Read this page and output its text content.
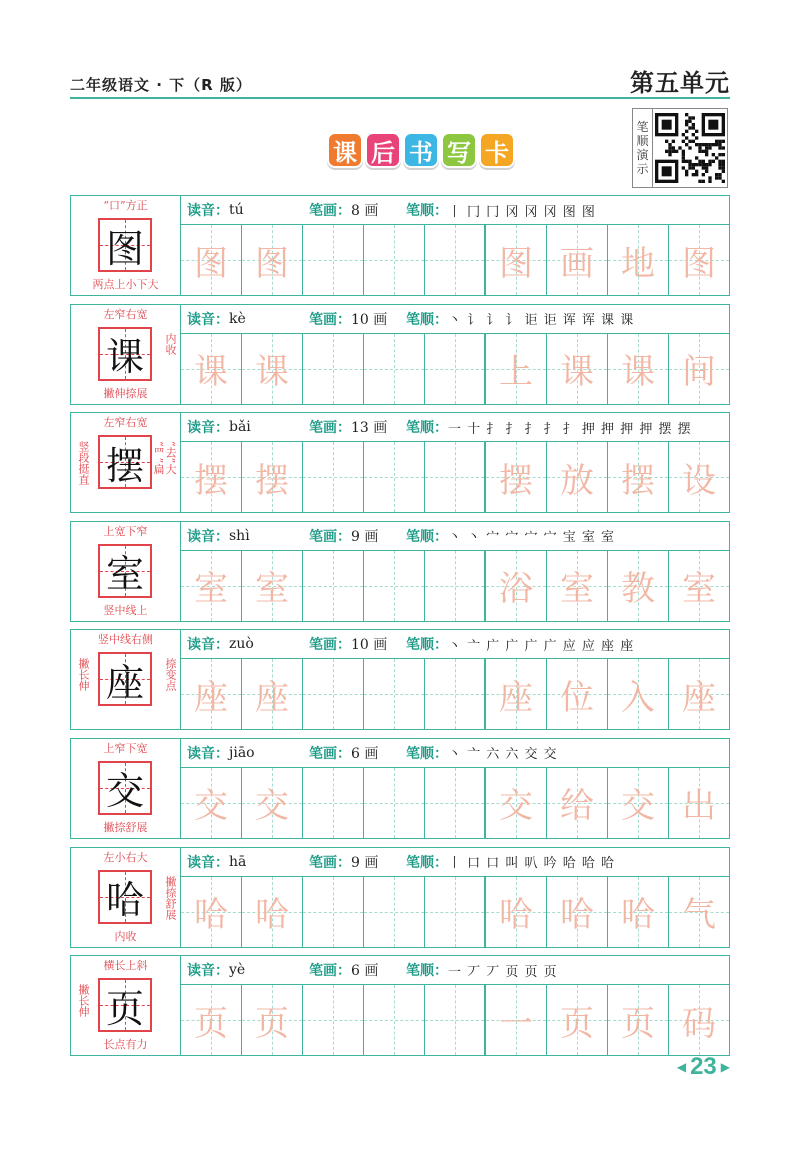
二年级语文 · 下（R 版）	第五单元
课 后 书 写 卡
笔
顺
演
示
“口”方正
两点上小下大
图
读音： tú	笔画： 8 画	笔顺： 丨 冂 冂 冈 冈 冈 图 图
图 图	图 画 地 图
左窄右宽
撇伸捺展
内收
课
读音： kè	笔画： 10 画	笔顺： 丶 讠 讠 讠 讵 讵 诨 诨 课 课
课 课	上 课 课 间
左窄右宽
竖段挺直	“去”大
“罒”扁
摆
读音： bǎi	笔画： 13 画	笔顺： 一 十 扌 扌 扌 扌 扌 押 押 押 押 摆 摆
摆 摆	摆 放 摆 设
上宽下窄
竖中线上
室
读音： shì	笔画： 9 画	笔顺： 丶 丶 宀 宀 宀 宀 宝 室 室
室 室	浴 室 教 室
竖中线右侧
撇长伸	捺变点
座
读音： zuò	笔画： 10 画	笔顺： 丶 亠 广 广 广 广 应 应 座 座
座 座	座 位 入 座
上窄下宽
撇捺舒展
交
读音： jiāo	笔画： 6 画	笔顺： 丶 亠 六 六 交 交
交 交	交 给 交 出
左小右大
内收
撇捺舒展
哈
读音： hā	笔画： 9 画	笔顺： 丨 口 口 叫 叭 吟 哈 哈 哈
哈 哈	哈 哈 哈 气
横长上斜
长点有力
撇长伸 页
读音： yè	笔画： 6 画	笔顺： 一 丆 丆 页 页 页
页 页	一 页 页 码
◀ 23 ▶
